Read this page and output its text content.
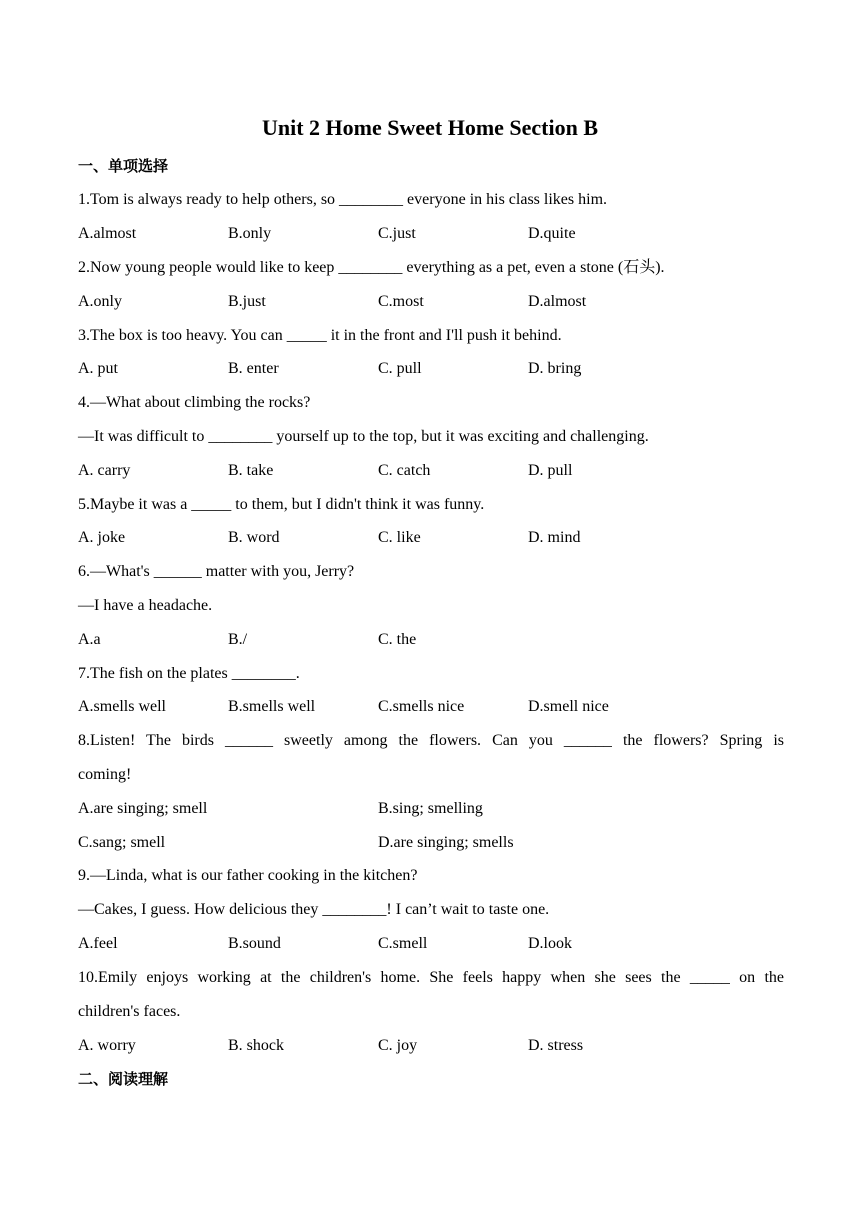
Unit 2 Home Sweet Home Section B
一、单项选择
1.Tom is always ready to help others, so ________ everyone in his class likes him.
A.almost	B.only	C.just	D.quite
2.Now young people would like to keep ________ everything as a pet, even a stone (石头).
A.only	B.just	C.most	D.almost
3.The box is too heavy. You can _____ it in the front and I'll push it behind.
A. put	B. enter	C. pull	D. bring
4.—What about climbing the rocks?
—It was difficult to ________ yourself up to the top, but it was exciting and challenging.
A. carry	B. take	C. catch	D. pull
5.Maybe it was a _____ to them, but I didn't think it was funny.
A. joke	B. word	C. like	D. mind
6.—What's ______ matter with you, Jerry?
—I have a headache.
A.a	B./	C. the
7.The fish on the plates ________.
A.smells well	B.smells well	C.smells nice	D.smell nice
8.Listen! The birds ______ sweetly among the flowers. Can you ______ the flowers? Spring is
coming!
A.are singing; smell	B.sing; smelling
C.sang; smell	D.are singing; smells
9.—Linda, what is our father cooking in the kitchen?
—Cakes, I guess. How delicious they ________! I can’t wait to taste one.
A.feel	B.sound	C.smell	D.look
10.Emily enjoys working at the children's home. She feels happy when she sees the _____ on the
children's faces.
A. worry	B. shock	C. joy	D. stress
二、阅读理解
